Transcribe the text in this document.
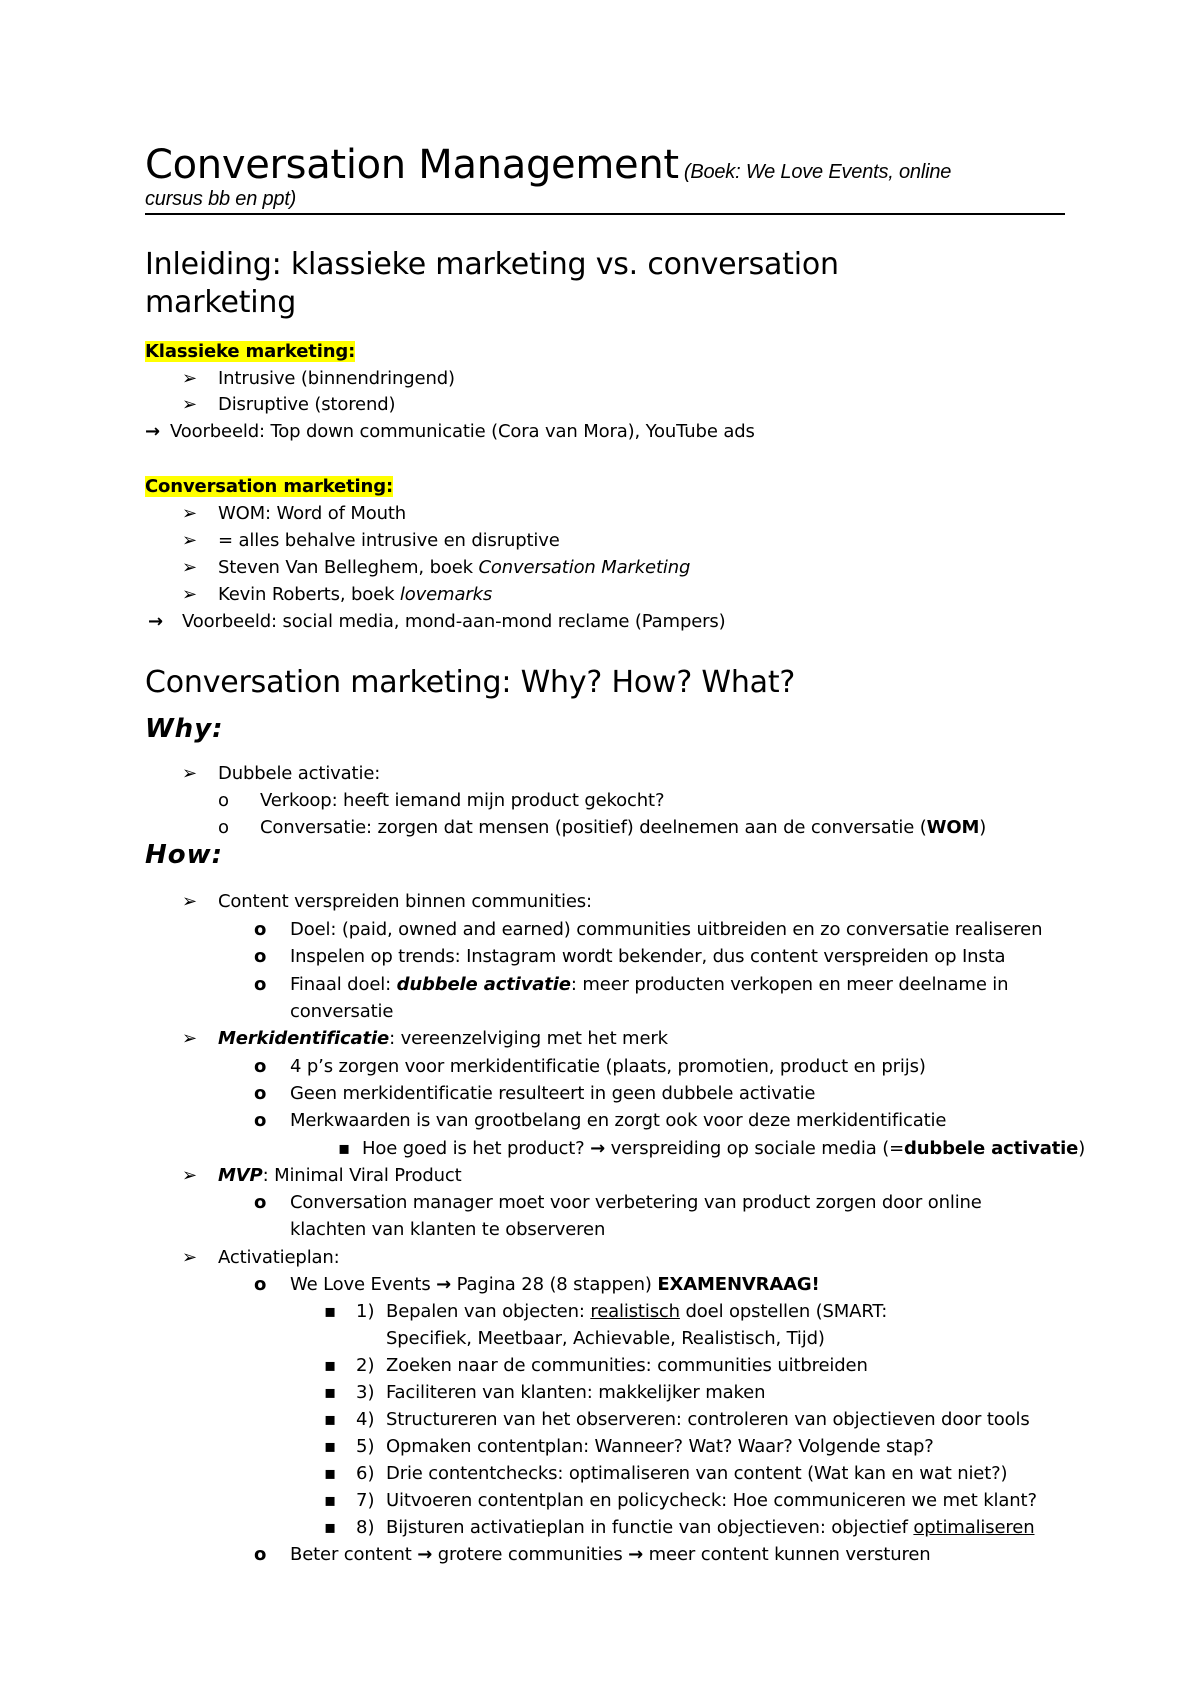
Conversation Management (Boek: We Love Events, online
cursus bb en ppt)
Inleiding: klassieke marketing vs. conversation
marketing
Klassieke marketing:
➢ Intrusive (binnendringend)
➢ Disruptive (storend)
→ Voorbeeld: Top down communicatie (Cora van Mora), YouTube ads
Conversation marketing:
➢ WOM: Word of Mouth
➢ = alles behalve intrusive en disruptive
➢ Steven Van Belleghem, boek Conversation Marketing
➢ Kevin Roberts, boek lovemarks
→ Voorbeeld: social media, mond-aan-mond reclame (Pampers)
Conversation marketing: Why? How? What?
Why:
➢ Dubbele activatie:
o Verkoop: heeft iemand mijn product gekocht?
o Conversatie: zorgen dat mensen (positief) deelnemen aan de conversatie (WOM)
How:
➢ Content verspreiden binnen communities:
o Doel: (paid, owned and earned) communities uitbreiden en zo conversatie realiseren
o Inspelen op trends: Instagram wordt bekender, dus content verspreiden op Insta
o Finaal doel: dubbele activatie: meer producten verkopen en meer deelname in
conversatie
➢ Merkidentificatie: vereenzelviging met het merk
o 4 p’s zorgen voor merkidentificatie (plaats, promotien, product en prijs)
o Geen merkidentificatie resulteert in geen dubbele activatie
o Merkwaarden is van grootbelang en zorgt ook voor deze merkidentificatie
▪ Hoe goed is het product? → verspreiding op sociale media (=dubbele activatie)
➢ MVP: Minimal Viral Product
o Conversation manager moet voor verbetering van product zorgen door online
klachten van klanten te observeren
➢ Activatieplan:
o We Love Events → Pagina 28 (8 stappen) EXAMENVRAAG!
▪ 1) Bepalen van objecten: realistisch doel opstellen (SMART:
Specifiek, Meetbaar, Achievable, Realistisch, Tijd)
▪ 2) Zoeken naar de communities: communities uitbreiden
▪ 3) Faciliteren van klanten: makkelijker maken
▪ 4) Structureren van het observeren: controleren van objectieven door tools
▪ 5) Opmaken contentplan: Wanneer? Wat? Waar? Volgende stap?
▪ 6) Drie contentchecks: optimaliseren van content (Wat kan en wat niet?)
▪ 7) Uitvoeren contentplan en policycheck: Hoe communiceren we met klant?
▪ 8) Bijsturen activatieplan in functie van objectieven: objectief optimaliseren
o Beter content → grotere communities → meer content kunnen versturen
